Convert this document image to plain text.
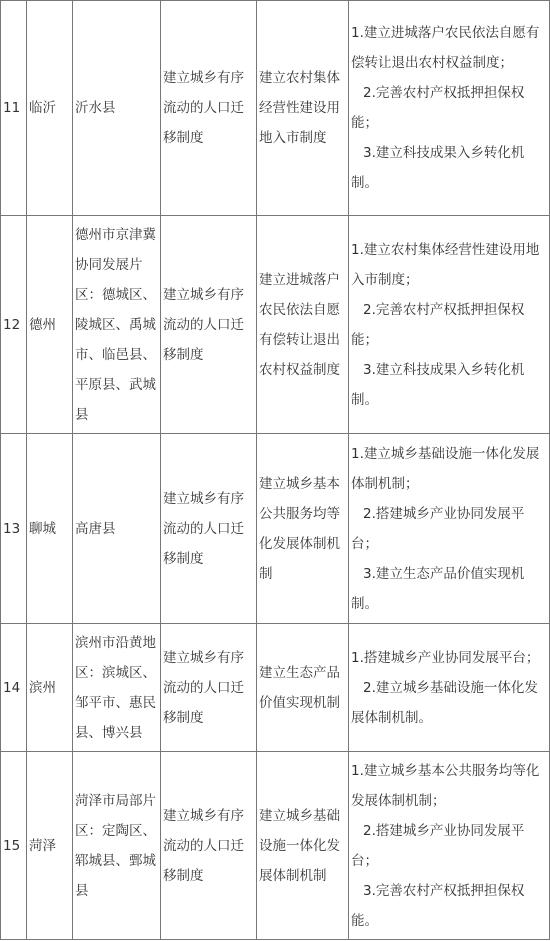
11	临沂	沂水县	建立城乡有序流动的人口迁移制度	建立农村集体经营性建设用地入市制度	1.建立进城落户农民依法自愿有偿转让退出农村权益制度；
2.完善农村产权抵押担保权能；
3.建立科技成果入乡转化机制。

12	德州	德州市京津冀协同发展片区：德城区、陵城区、禹城市、临邑县、平原县、武城县	建立城乡有序流动的人口迁移制度	建立进城落户农民依法自愿有偿转让退出农村权益制度	1.建立农村集体经营性建设用地入市制度；
2.完善农村产权抵押担保权能；
3.建立科技成果入乡转化机制。

13	聊城	高唐县	建立城乡有序流动的人口迁移制度	建立城乡基本公共服务均等化发展体制机制	1.建立城乡基础设施一体化发展体制机制；
2.搭建城乡产业协同发展平台；
3.建立生态产品价值实现机制。

14	滨州	滨州市沿黄地区：滨城区、邹平市、惠民县、博兴县	建立城乡有序流动的人口迁移制度	建立生态产品价值实现机制	1.搭建城乡产业协同发展平台；
2.建立城乡基础设施一体化发展体制机制。

15	菏泽	菏泽市局部片区：定陶区、郓城县、鄄城县	建立城乡有序流动的人口迁移制度	建立城乡基础设施一体化发展体制机制	1.建立城乡基本公共服务均等化发展体制机制；
2.搭建城乡产业协同发展平台；
3.完善农村产权抵押担保权能。
